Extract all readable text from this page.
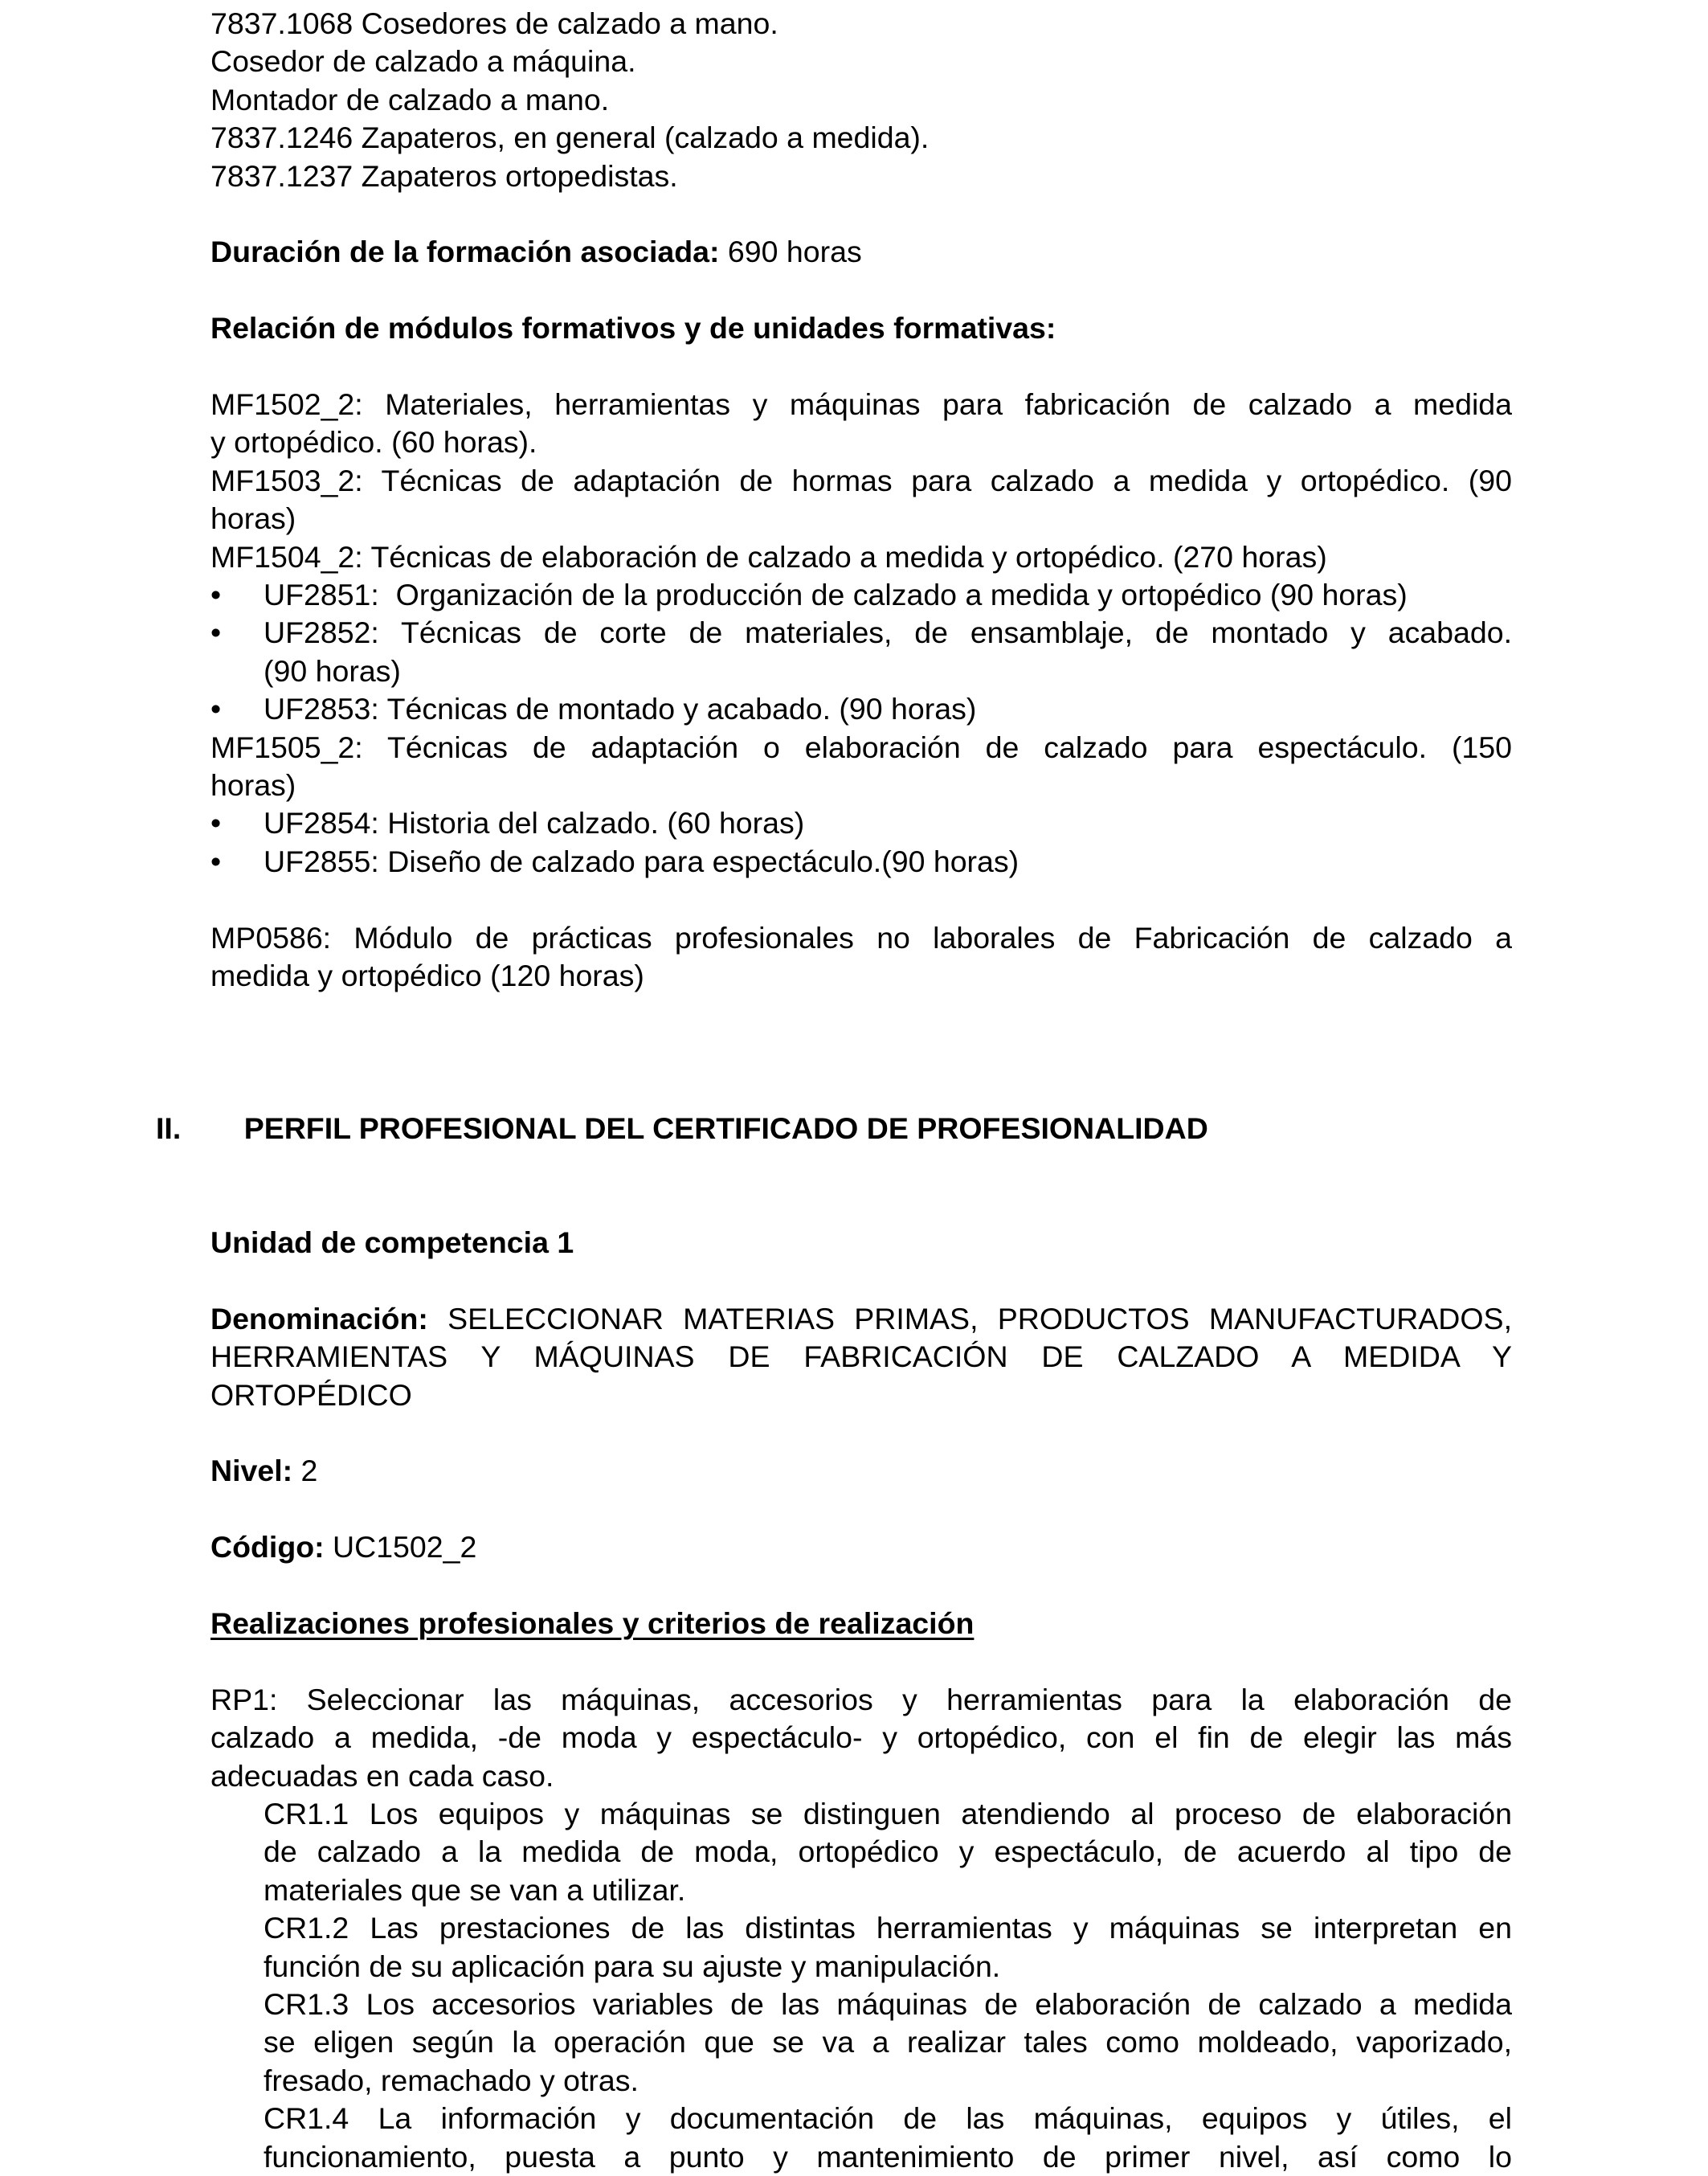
7837.1068 Cosedores de calzado a mano.
Cosedor de calzado a máquina.
Montador de calzado a mano.
7837.1246 Zapateros, en general (calzado a medida).
7837.1237 Zapateros ortopedistas.
Duración de la formación asociada: 690 horas
Relación de módulos formativos y de unidades formativas:
MF1502_2: Materiales, herramientas y máquinas para fabricación de calzado a medida
y ortopédico. (60 horas).
MF1503_2: Técnicas de adaptación de hormas para calzado a medida y ortopédico. (90
horas)
MF1504_2: Técnicas de elaboración de calzado a medida y ortopédico. (270 horas)
•	UF2851:  Organización de la producción de calzado a medida y ortopédico (90 horas)
•	UF2852: Técnicas de corte de materiales, de ensamblaje, de montado y acabado.
(90 horas)
•	UF2853: Técnicas de montado y acabado. (90 horas)
MF1505_2: Técnicas de adaptación o elaboración de calzado para espectáculo. (150
horas)
•	UF2854: Historia del calzado. (60 horas)
•	UF2855: Diseño de calzado para espectáculo.(90 horas)
MP0586: Módulo de prácticas profesionales no laborales de Fabricación de calzado a
medida y ortopédico (120 horas)

II. PERFIL PROFESIONAL DEL CERTIFICADO DE PROFESIONALIDAD

Unidad de competencia 1
Denominación: SELECCIONAR MATERIAS PRIMAS, PRODUCTOS MANUFACTURADOS,
HERRAMIENTAS Y MÁQUINAS DE FABRICACIÓN DE CALZADO A MEDIDA Y
ORTOPÉDICO
Nivel: 2
Código: UC1502_2
Realizaciones profesionales y criterios de realización
RP1: Seleccionar las máquinas, accesorios y herramientas para la elaboración de
calzado a medida, -de moda y espectáculo- y ortopédico, con el fin de elegir las más
adecuadas en cada caso.
CR1.1 Los equipos y máquinas se distinguen atendiendo al proceso de elaboración
de calzado a la medida de moda, ortopédico y espectáculo, de acuerdo al tipo de
materiales que se van a utilizar.
CR1.2 Las prestaciones de las distintas herramientas y máquinas se interpretan en
función de su aplicación para su ajuste y manipulación.
CR1.3 Los accesorios variables de las máquinas de elaboración de calzado a medida
se eligen según la operación que se va a realizar tales como moldeado, vaporizado,
fresado, remachado y otras.
CR1.4 La información y documentación de las máquinas, equipos y útiles, el
funcionamiento, puesta a punto y mantenimiento de primer nivel, así como lo
